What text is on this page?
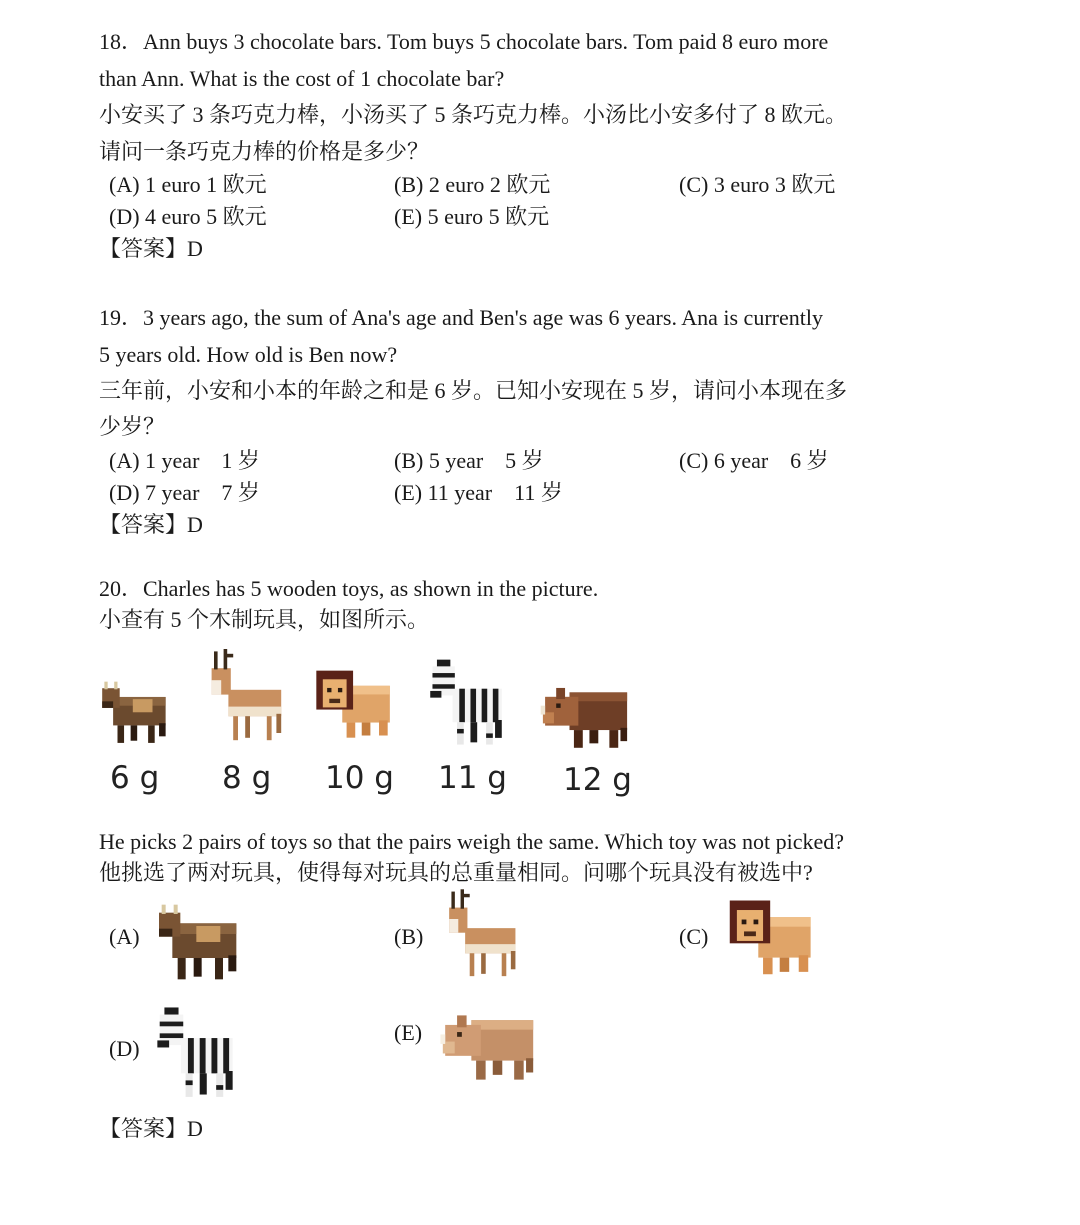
18．Ann buys 3 chocolate bars. Tom buys 5 chocolate bars. Tom paid 8 euro more
than Ann. What is the cost of 1 chocolate bar?
小安买了 3 条巧克力棒，小汤买了 5 条巧克力棒。小汤比小安多付了 8 欧元。
请问一条巧克力棒的价格是多少？
(A) 1 euro 1 欧元	(B) 2 euro 2 欧元	(C) 3 euro 3 欧元
(D) 4 euro 5 欧元	(E) 5 euro 5 欧元
【答案】D
19．3 years ago, the sum of Ana's age and Ben's age was 6 years. Ana is currently
5 years old. How old is Ben now?
三年前，小安和小本的年龄之和是 6 岁。已知小安现在 5 岁，请问小本现在多
少岁？
(A) 1 year    1 岁	(B) 5 year    5 岁	(C) 6 year    6 岁
(D) 7 year    7 岁	(E) 11 year    11 岁
【答案】D
20．Charles has 5 wooden toys, as shown in the picture.
小查有 5 个木制玩具，如图所示。
6 g 8 g 10 g 11 g 12 g
He picks 2 pairs of toys so that the pairs weigh the same. Which toy was not picked?
他挑选了两对玩具，使得每对玩具的总重量相同。问哪个玩具没有被选中?
(A)	(B)	(C)
(D)
(E)
【答案】D
